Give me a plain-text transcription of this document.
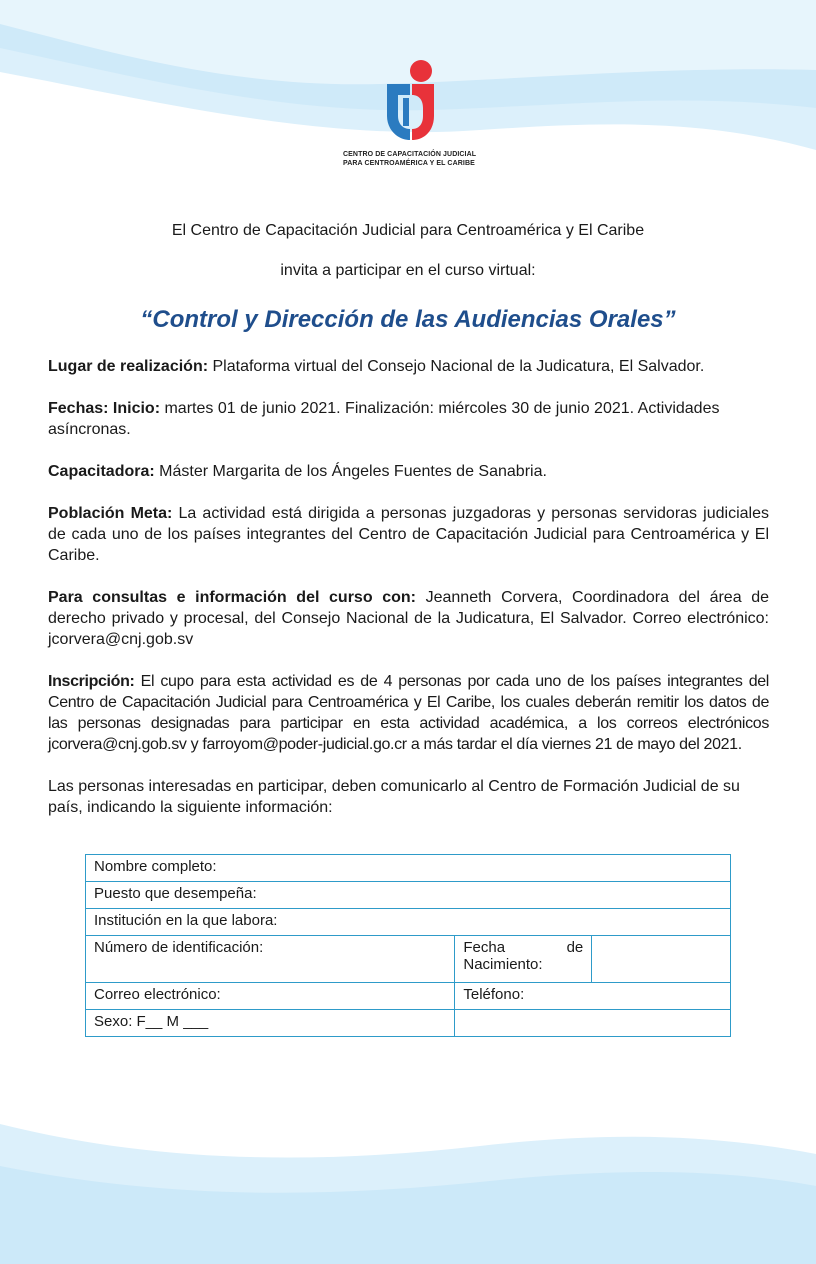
CENTRO DE CAPACITACIÓN JUDICIAL
PARA CENTROAMÉRICA Y EL CARIBE
El Centro de Capacitación Judicial para Centroamérica y El Caribe
invita a participar en el curso virtual:
“Control y Dirección de las Audiencias Orales”

Lugar de realización: Plataforma virtual del Consejo Nacional de la Judicatura, El Salvador.

Fechas: Inicio: martes 01 de junio 2021. Finalización: miércoles 30 de junio 2021. Actividades asíncronas.

Capacitadora: Máster Margarita de los Ángeles Fuentes de Sanabria.

Población Meta: La actividad está dirigida a personas juzgadoras y personas servidoras judiciales de cada uno de los países integrantes del Centro de Capacitación Judicial para Centroamérica y El Caribe.

Para consultas e información del curso con: Jeanneth Corvera, Coordinadora del área de derecho privado y procesal, del Consejo Nacional de la Judicatura, El Salvador. Correo electrónico: jcorvera@cnj.gob.sv

Inscripción: El cupo para esta actividad es de 4 personas por cada uno de los países integrantes del Centro de Capacitación Judicial para Centroamérica y El Caribe, los cuales deberán remitir los datos de las personas designadas para participar en esta actividad académica, a los correos electrónicos jcorvera@cnj.gob.sv y farroyom@poder-judicial.go.cr a más tardar el día viernes 21 de mayo del 2021.

Las personas interesadas en participar, deben comunicarlo al Centro de Formación Judicial de su país, indicando la siguiente información:

Nombre completo:		
Puesto que desempeña:		
Institución en la que labora:		
Número de identificación:	Fecha de
Nacimiento:	

Correo electrónico:	Teléfono:	
Sexo: F__ M ___		
